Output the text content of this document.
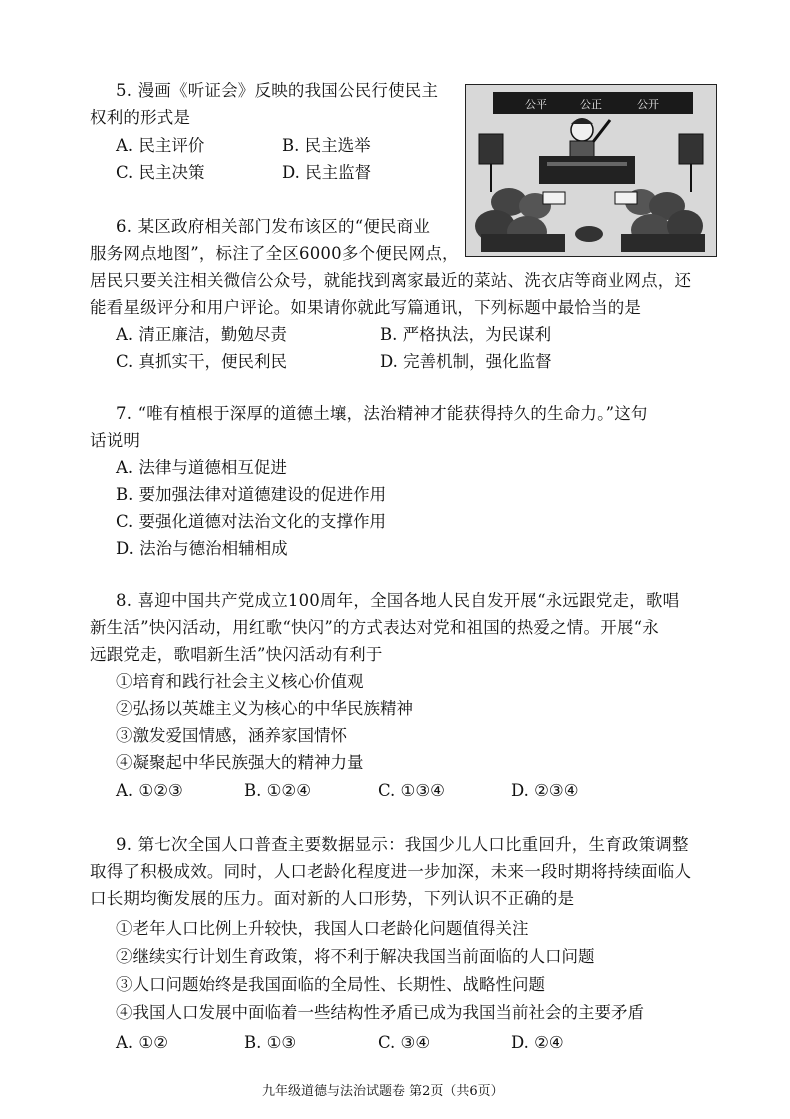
5. 漫画《听证会》反映的我国公民行使民主
权利的形式是
A. 民主评价	B. 民主选举
C. 民主决策	D. 民主监督
公平	公正	公开
6. 某区政府相关部门发布该区的“便民商业
服务网点地图”，标注了全区6000多个便民网点，
居民只要关注相关微信公众号，就能找到离家最近的菜站、洗衣店等商业网点，还
能看星级评分和用户评论。如果请你就此写篇通讯，下列标题中最恰当的是
A. 清正廉洁，勤勉尽责	B. 严格执法，为民谋利
C. 真抓实干，便民利民	D. 完善机制，强化监督
7. “唯有植根于深厚的道德土壤，法治精神才能获得持久的生命力。”这句
话说明
A. 法律与道德相互促进
B. 要加强法律对道德建设的促进作用
C. 要强化道德对法治文化的支撑作用
D. 法治与德治相辅相成
8. 喜迎中国共产党成立100周年，全国各地人民自发开展“永远跟党走，歌唱
新生活”快闪活动，用红歌“快闪”的方式表达对党和祖国的热爱之情。开展“永
远跟党走，歌唱新生活”快闪活动有利于
①培育和践行社会主义核心价值观
②弘扬以英雄主义为核心的中华民族精神
③激发爱国情感，涵养家国情怀
④凝聚起中华民族强大的精神力量
A. ①②③	B. ①②④	C. ①③④	D. ②③④
9. 第七次全国人口普查主要数据显示：我国少儿人口比重回升，生育政策调整
取得了积极成效。同时，人口老龄化程度进一步加深，未来一段时期将持续面临人
口长期均衡发展的压力。面对新的人口形势，下列认识不正确的是
①老年人口比例上升较快，我国人口老龄化问题值得关注
②继续实行计划生育政策，将不利于解决我国当前面临的人口问题
③人口问题始终是我国面临的全局性、长期性、战略性问题
④我国人口发展中面临着一些结构性矛盾已成为我国当前社会的主要矛盾
A. ①②	B. ①③	C. ③④	D. ②④
九年级道德与法治试题卷 第2页（共6页）
